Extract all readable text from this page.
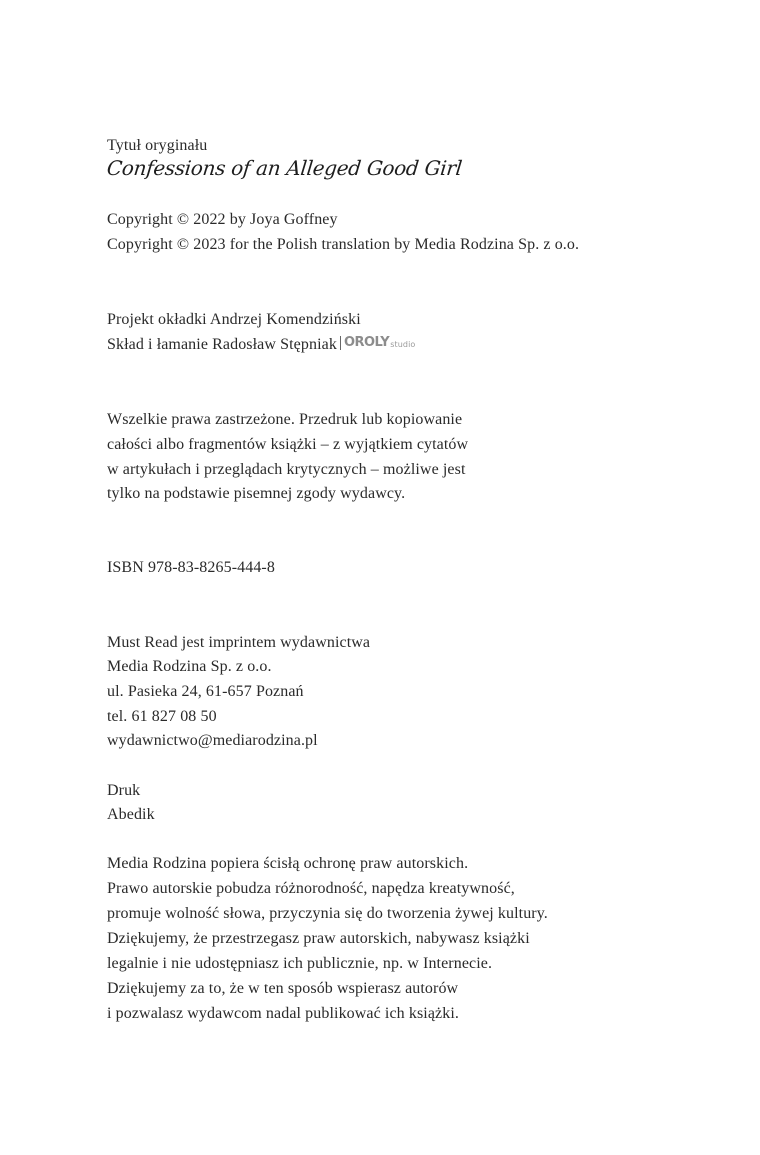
Tytuł oryginału
Confessions of an Alleged Good Girl
Copyright © 2022 by Joya Goffney
Copyright © 2023 for the Polish translation by Media Rodzina Sp. z o.o.
Projekt okładki Andrzej Komendziński
Skład i łamanie Radosław Stępniak OROLY studio
Wszelkie prawa zastrzeżone. Przedruk lub kopiowanie
całości albo fragmentów książki – z wyjątkiem cytatów
w artykułach i przeglądach krytycznych – możliwe jest
tylko na podstawie pisemnej zgody wydawcy.
ISBN 978-83-8265-444-8
Must Read jest imprintem wydawnictwa
Media Rodzina Sp. z o.o.
ul. Pasieka 24, 61-657 Poznań
tel. 61 827 08 50
wydawnictwo@mediarodzina.pl
Druk
Abedik
Media Rodzina popiera ścisłą ochronę praw autorskich.
Prawo autorskie pobudza różnorodność, napędza kreatywność,
promuje wolność słowa, przyczynia się do tworzenia żywej kultury.
Dziękujemy, że przestrzegasz praw autorskich, nabywasz książki
legalnie i nie udostępniasz ich publicznie, np. w Internecie.
Dziękujemy za to, że w ten sposób wspierasz autorów
i pozwalasz wydawcom nadal publikować ich książki.
